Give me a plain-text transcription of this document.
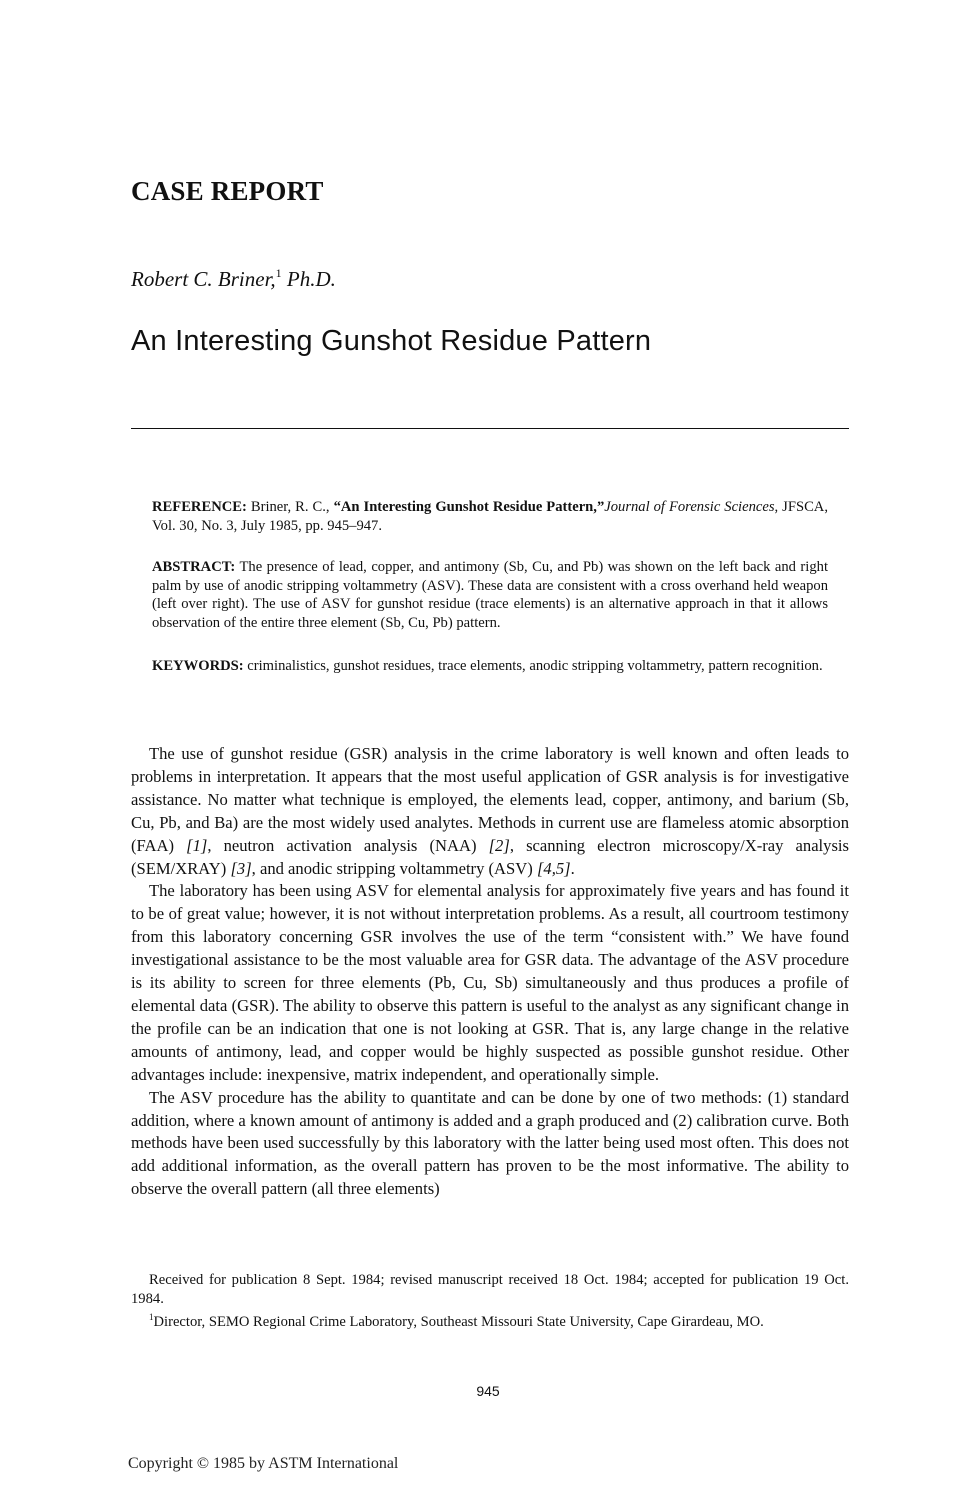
CASE REPORT
Robert C. Briner,$^1$ Ph.D.
An Interesting Gunshot Residue Pattern
REFERENCE: Briner, R. C., “An Interesting Gunshot Residue Pattern,”Journal of Forensic Sciences, JFSCA, Vol. 30, No. 3, July 1985, pp. 945–947.
ABSTRACT: The presence of lead, copper, and antimony (Sb, Cu, and Pb) was shown on the left back and right palm by use of anodic stripping voltammetry (ASV). These data are consistent with a cross overhand held weapon (left over right). The use of ASV for gunshot residue (trace elements) is an alternative approach in that it allows observation of the entire three element (Sb, Cu, Pb) pattern.
KEYWORDS: criminalistics, gunshot residues, trace elements, anodic stripping voltammetry, pattern recognition.

The use of gunshot residue (GSR) analysis in the crime laboratory is well known and often leads to problems in interpretation. It appears that the most useful application of GSR analysis is for investigative assistance. No matter what technique is employed, the elements lead, copper, antimony, and barium (Sb, Cu, Pb, and Ba) are the most widely used analytes. Methods in current use are flameless atomic absorption (FAA) [1], neutron activation analysis (NAA) [2], scanning electron microscopy/X-ray analysis (SEM/XRAY) [3], and anodic stripping voltammetry (ASV) [4,5].

The laboratory has been using ASV for elemental analysis for approximately five years and has found it to be of great value; however, it is not without interpretation problems. As a result, all courtroom testimony from this laboratory concerning GSR involves the use of the term “consistent with.” We have found investigational assistance to be the most valuable area for GSR data. The advantage of the ASV procedure is its ability to screen for three elements (Pb, Cu, Sb) simultaneously and thus produces a profile of elemental data (GSR). The ability to observe this pattern is useful to the analyst as any significant change in the profile can be an indication that one is not looking at GSR. That is, any large change in the relative amounts of antimony, lead, and copper would be highly suspected as possible gunshot residue. Other advantages include: inexpensive, matrix independent, and operationally simple.

The ASV procedure has the ability to quantitate and can be done by one of two methods: (1) standard addition, where a known amount of antimony is added and a graph produced and (2) calibration curve. Both methods have been used successfully by this laboratory with the latter being used most often. This does not add additional information, as the overall pattern has proven to be the most informative. The ability to observe the overall pattern (all three elements)

Received for publication 8 Sept. 1984; revised manuscript received 18 Oct. 1984; accepted for publication 19 Oct. 1984.

$^1$Director, SEMO Regional Crime Laboratory, Southeast Missouri State University, Cape Girardeau, MO.

945
Copyright © 1985 by ASTM International
